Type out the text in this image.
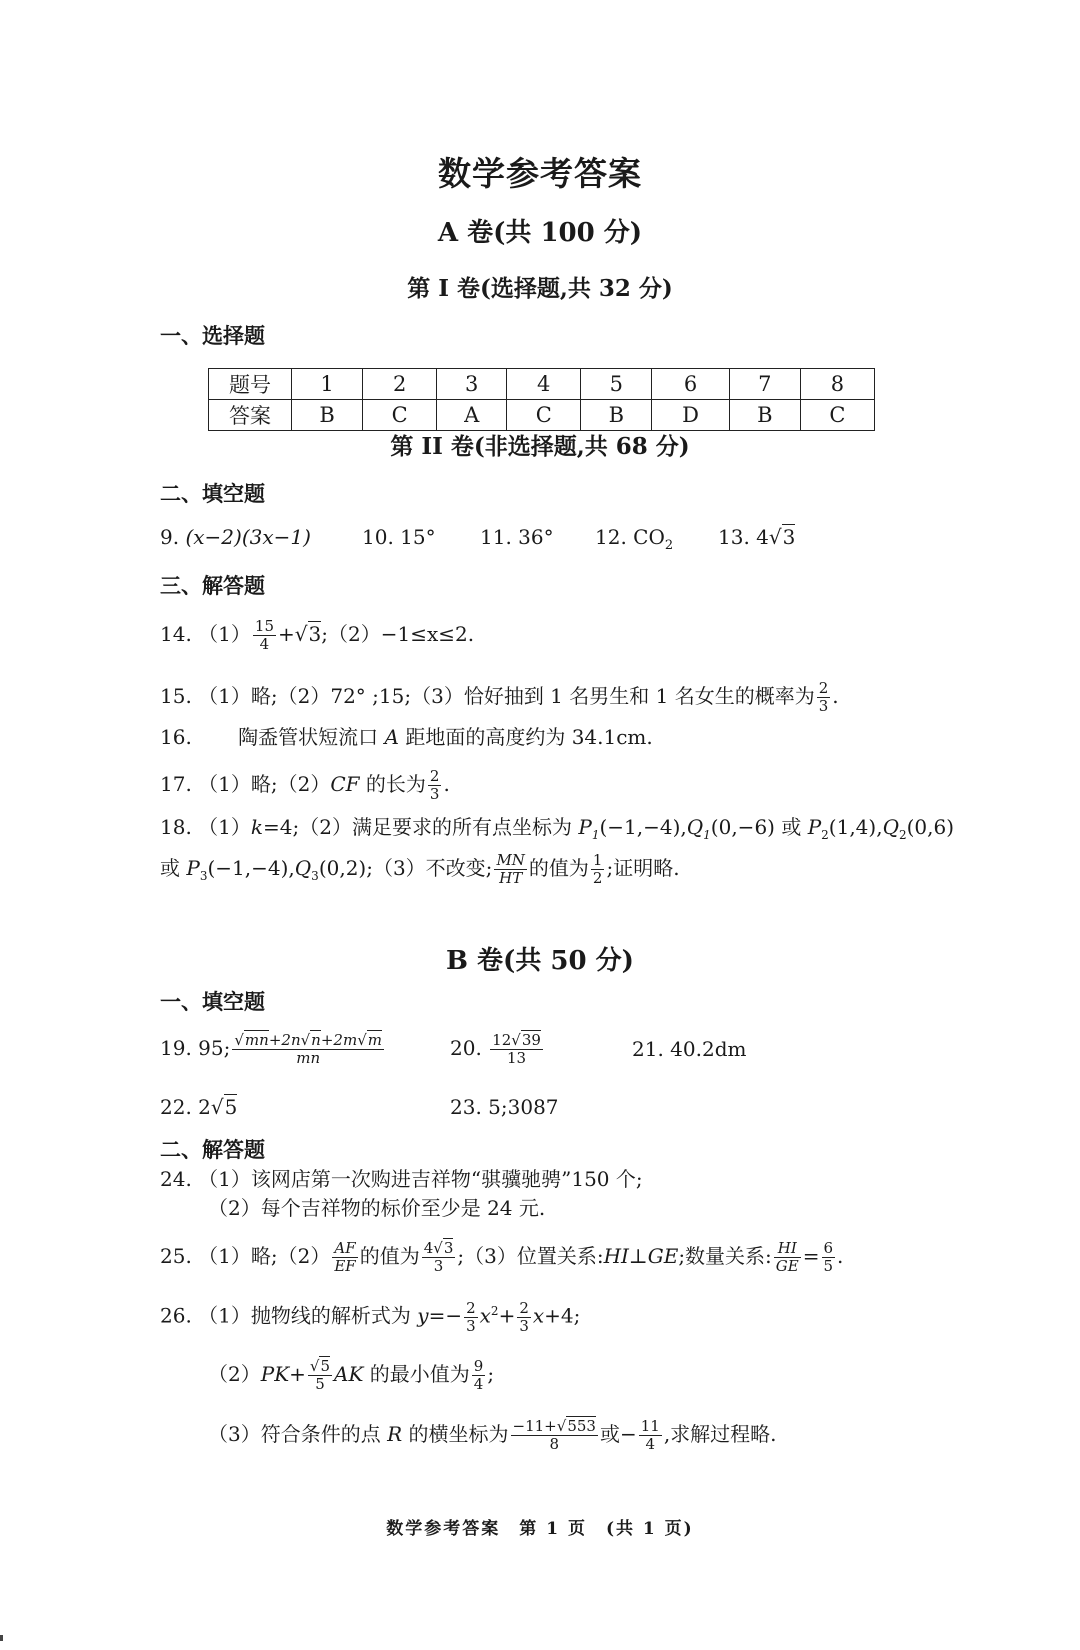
数学参考答案
A 卷(共 100 分)
第 I 卷(选择题,共 32 分)
一、选择题
题号	1	2	3	4	5	6	7	8
答案	B	C	A	C	B	D	B	C
第 II 卷(非选择题,共 68 分)
二、填空题
9. (x−2)(3x−1)	10. 15° 11. 36° 12. $CO_2$ 13. 4√3
三、解答题
14. $(1) \frac{15}{4}$ +√3;（2）−1≤x≤2.
15. （1）略;（2）72° ;15;（3）恰好抽到 1 名男生和 1 名女生的概率为 $\frac{2}{3}$ .
16. 陶盉管状短流口 A 距地面的高度约为 34.1cm.
17. （1）略;（2）CF 的长为 $\frac{2}{3}$ .
18. （1）k=4;（2）满足要求的所有点坐标为 $P_1(-1,-4),Q_1(0,-6)$ 或 $P_2(1,4),Q_2(0,6)$
或 $P_3(-1,-4),Q_3(0,2);(3)$不改变; $\frac{MN}{HT}$ 的值为 $\frac{1}{2}$ ;证明略.
B 卷(共 50 分)
一、填空题
19. 95; $\frac{√mn+2n√n+2m√m}{mn}$	20. $\frac{12√39}{13}$	21. 40.2dm
22. 2√5	23. 5;3087
二、解答题
24. （1）该网店第一次购进吉祥物“骐骥驰骋”150 个;
（2）每个吉祥物的标价至少是 24 元.
25. （1）略;（2） $\frac{AF}{EF}$ 的值为 $\frac{4√3}{3}$ ;（3）位置关系:HI⊥GE;数量关系: $\frac{HI}{GE} = \frac{6}{5}$ .
26. （1）抛物线的解析式为 $y=- \frac{2}{3} x^2+ \frac{2}{3} x+4$;
$(2)PK+ \frac{√5}{5}$ AK 的最小值为 $\frac{9}{4}$ ;
（3）符合条件的点 R 的横坐标为 $\frac{-11+√553}{8}$ 或− $\frac{11}{4}$ ,求解过程略.
数学参考答案　第 1 页　(共 1 页)
